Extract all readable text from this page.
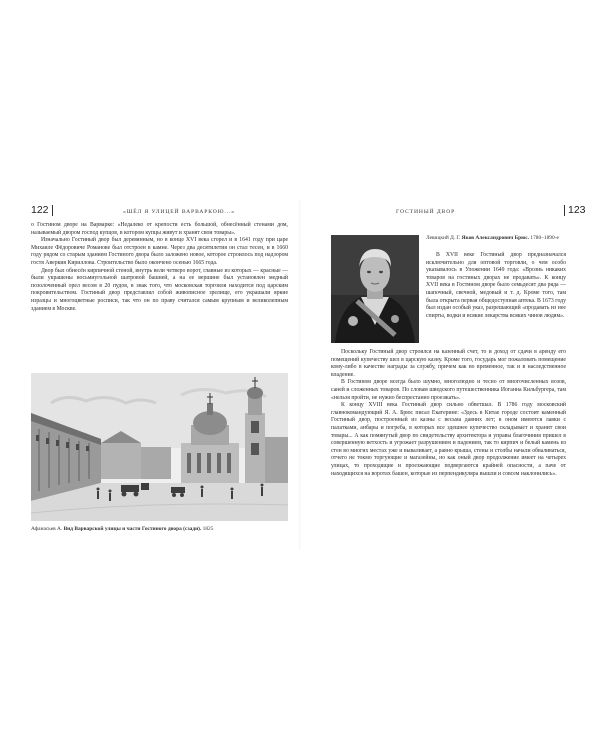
122	«ШЁЛ Я УЛИЦЕЙ ВАРВАРКОЮ...»

о Гостином дворе на Варварке: «Недалеко от крепости есть большой, обнесённый стенами дом, называемый двором господ купцов, в котором купцы живут и хранят свои товары».

Изначально Гостиный двор был деревянным, но в конце XVI века сгорел и в 1641 году при царе Михаиле Фёдоровиче Романове был отстроен в камне. Через два десятилетия он стал тесен, и в 1660 году рядом со старым зданием Гостиного двора было заложено новое, которое строилось под надзором гостя Аверкия Кириллова. Строительство было окончено осенью 1665 года.

Двор был обнесён кирпичной стеной, внутрь вели четверо ворот, главные из которых — красные — были украшены восьмиугольной шатровой башней, а на ее вершине был установлен медный позолоченный орел весом в 20 пудов, в знак того, что московская торговля находится под царским покровительством. Гостиный двор представлял собой живописное зрелище, его украшали яркие изразцы и многоцветные росписи, так что он по праву считался самым крупным и великолепным зданием в Москве.

Афанасьев А. Вид Варварской улицы и части Гостиного двора (сзади). 1825
ГОСТИНЫЙ ДВОР	123
Левицкий Д. Г. Яков Александрович Брюс. 1780–1890-е

В XVII веке Гостиный двор предназначался исключительно для оптовой торговли, о чем особо указывалось в Уложении 1649 года: «Врознь никаких товаров на гостиных дворах не продавать». К концу XVII века в Гостином дворе было семьдесят два ряда — шапочный, свечной, медовый и т. д. Кроме того, там была открыта первая общедоступная аптека. В 1673 году был издан особый указ, разрешающий «продавать из нее спирты, водки и всякие лекарства всяких чинов людям».

Поскольку Гостиный двор строился на казенный счет, то и доход от сдачи в аренду его помещений купечеству шел в царскую казну. Кроме того, государь мог пожаловать помещение кому-либо в качестве награды за службу, причем как во временное, так и в наследственное владение.

В Гостином дворе всегда было шумно, многолюдно и тесно от многочисленных возов, саней и сложенных товаров. По словам шведского путешественника Иоганна Кильбургера, там «нельзя пройти, не нужно беспрестанно проезжать».

К концу XVIII века Гостиный двор сильно обветшал. В 1786 году московский главнокомандующий Я. А. Брюс писал Екатерине: «Здесь в Китае городе состоит каменный Гостиный двор, построенный из казны с весьма давних лет; в оном имеются лавки с палатками, анбары и погреба, в которых все здешнее купечество складывает и хранит свои товары... А как помянутый двор по свидетельству архитектора и управы благочиния пришел в совершенную ветхость и угрожает разрушением и падением, так то кирпич и белый камень из стен во многих местах уже и вываливает, а равно крыша, стены и столбы начали обваливаться, отчего не токмо торгующие и магазейны, но как оный двор продолжение имеет на четырех улицах, то проходящие и проезжающие подвергаются крайней опасности, а паче от находящихся на воротах башен, которые из перпендикуляра вышли и совсем наклонились».
